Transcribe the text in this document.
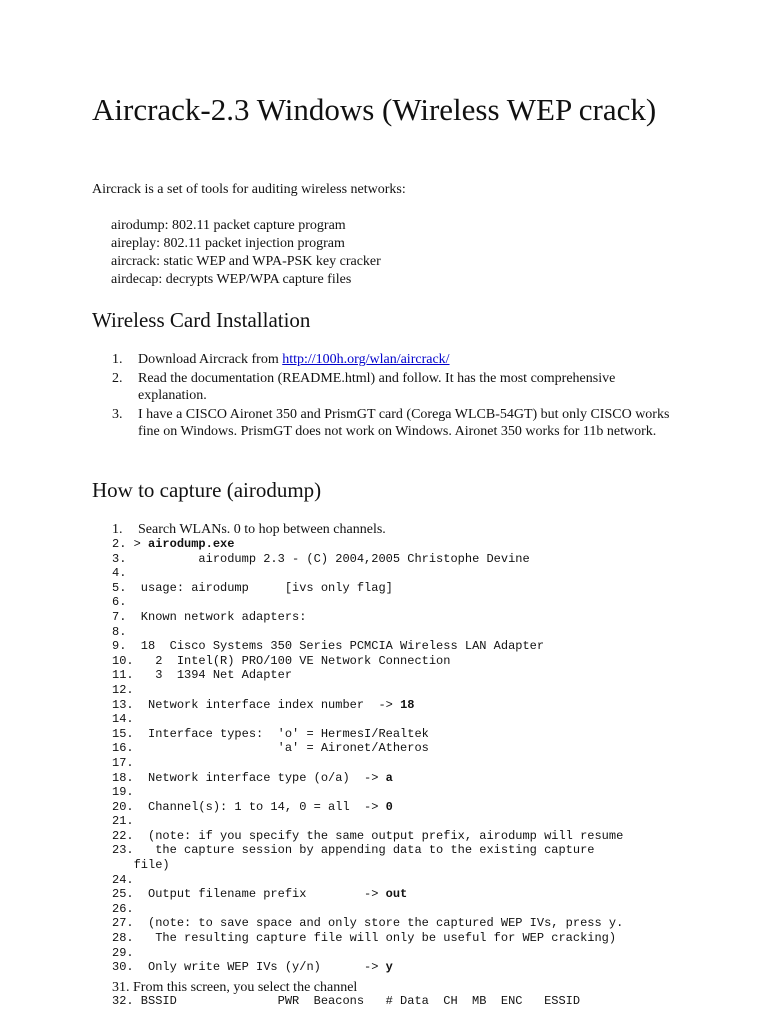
Aircrack-2.3 Windows (Wireless WEP crack)

Aircrack is a set of tools for auditing wireless networks:

airodump: 802.11 packet capture program
aireplay: 802.11 packet injection program
aircrack: static WEP and WPA-PSK key cracker
airdecap: decrypts WEP/WPA capture files
Wireless Card Installation
1. Download Aircrack from http://100h.org/wlan/aircrack/
2. Read the documentation (README.html) and follow. It has the most comprehensive explanation.
3. I have a CISCO Aironet 350 and PrismGT card (Corega WLCB-54GT) but only CISCO works fine on Windows. PrismGT does not work on Windows. Aironet 350 works for 11b network.
How to capture (airodump)
1. Search WLANs. 0 to hop between channels.
2. > airodump.exe
3.          airodump 2.3 - (C) 2004,2005 Christophe Devine
4.
5.  usage: airodump     [ivs only flag]
6.
7.  Known network adapters:
8.
9.  18  Cisco Systems 350 Series PCMCIA Wireless LAN Adapter
10.   2  Intel(R) PRO/100 VE Network Connection
11.   3  1394 Net Adapter
12.
13.  Network interface index number  -> 18
14.
15.  Interface types:  'o' = HermesI/Realtek
16.                    'a' = Aironet/Atheros
17.
18.  Network interface type (o/a)  -> a
19.
20.  Channel(s): 1 to 14, 0 = all  -> 0
21.
22.  (note: if you specify the same output prefix, airodump will resume
23.   the capture session by appending data to the existing capture
file)
24.
25.  Output filename prefix        -> out
26.
27.  (note: to save space and only store the captured WEP IVs, press y.
28.   The resulting capture file will only be useful for WEP cracking)
29.
30.  Only write WEP IVs (y/n)      -> y
31. From this screen, you select the channel
32. BSSID              PWR  Beacons   # Data  CH  MB  ENC   ESSID
